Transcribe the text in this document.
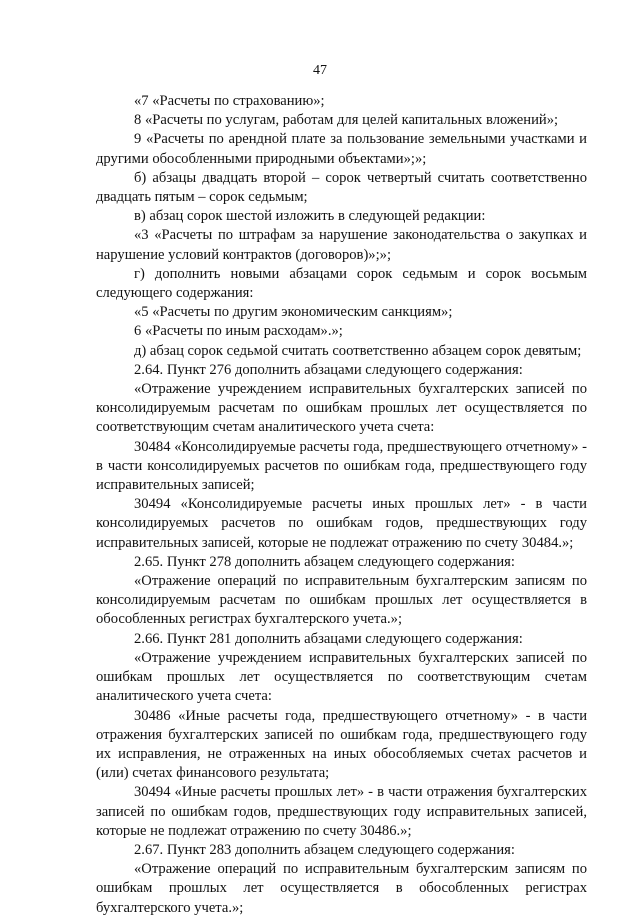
47

«7 «Расчеты по страхованию»;

8 «Расчеты по услугам, работам для целей капитальных вложений»;

9 «Расчеты по арендной плате за пользование земельными участками и другими обособленными природными объектами»;»;

б) абзацы двадцать второй – сорок четвертый считать соответственно двадцать пятым – сорок седьмым;

в) абзац сорок шестой изложить в следующей редакции:

«3 «Расчеты по штрафам за нарушение законодательства о закупках и нарушение условий контрактов (договоров)»;»;

г) дополнить новыми абзацами сорок седьмым и сорок восьмым следующего содержания:

«5 «Расчеты по другим экономическим санкциям»;

6 «Расчеты по иным расходам».»;

д) абзац сорок седьмой считать соответственно абзацем сорок девятым;

2.64. Пункт 276 дополнить абзацами следующего содержания:

«Отражение учреждением исправительных бухгалтерских записей по консолидируемым расчетам по ошибкам прошлых лет осуществляется по соответствующим счетам аналитического учета счета:

30484 «Консолидируемые расчеты года, предшествующего отчетному» - в части консолидируемых расчетов по ошибкам года, предшествующего году исправительных записей;

30494 «Консолидируемые расчеты иных прошлых лет» - в части консолидируемых расчетов по ошибкам годов, предшествующих году исправительных записей, которые не подлежат отражению по счету 30484.»;

2.65. Пункт 278 дополнить абзацем следующего содержания:

«Отражение операций по исправительным бухгалтерским записям по консолидируемым расчетам по ошибкам прошлых лет осуществляется в обособленных регистрах бухгалтерского учета.»;

2.66. Пункт 281 дополнить абзацами следующего содержания:

«Отражение учреждением исправительных бухгалтерских записей по ошибкам прошлых лет осуществляется по соответствующим счетам аналитического учета счета:

30486 «Иные расчеты года, предшествующего отчетному» - в части отражения бухгалтерских записей по ошибкам года, предшествующего году их исправления, не отраженных на иных обособляемых счетах расчетов и (или) счетах финансового результата;

30494 «Иные расчеты прошлых лет» - в части отражения бухгалтерских записей по ошибкам годов, предшествующих году исправительных записей, которые не подлежат отражению по счету 30486.»;

2.67. Пункт 283 дополнить абзацем следующего содержания:

«Отражение операций по исправительным бухгалтерским записям по ошибкам прошлых лет осуществляется в обособленных регистрах бухгалтерского учета.»;
